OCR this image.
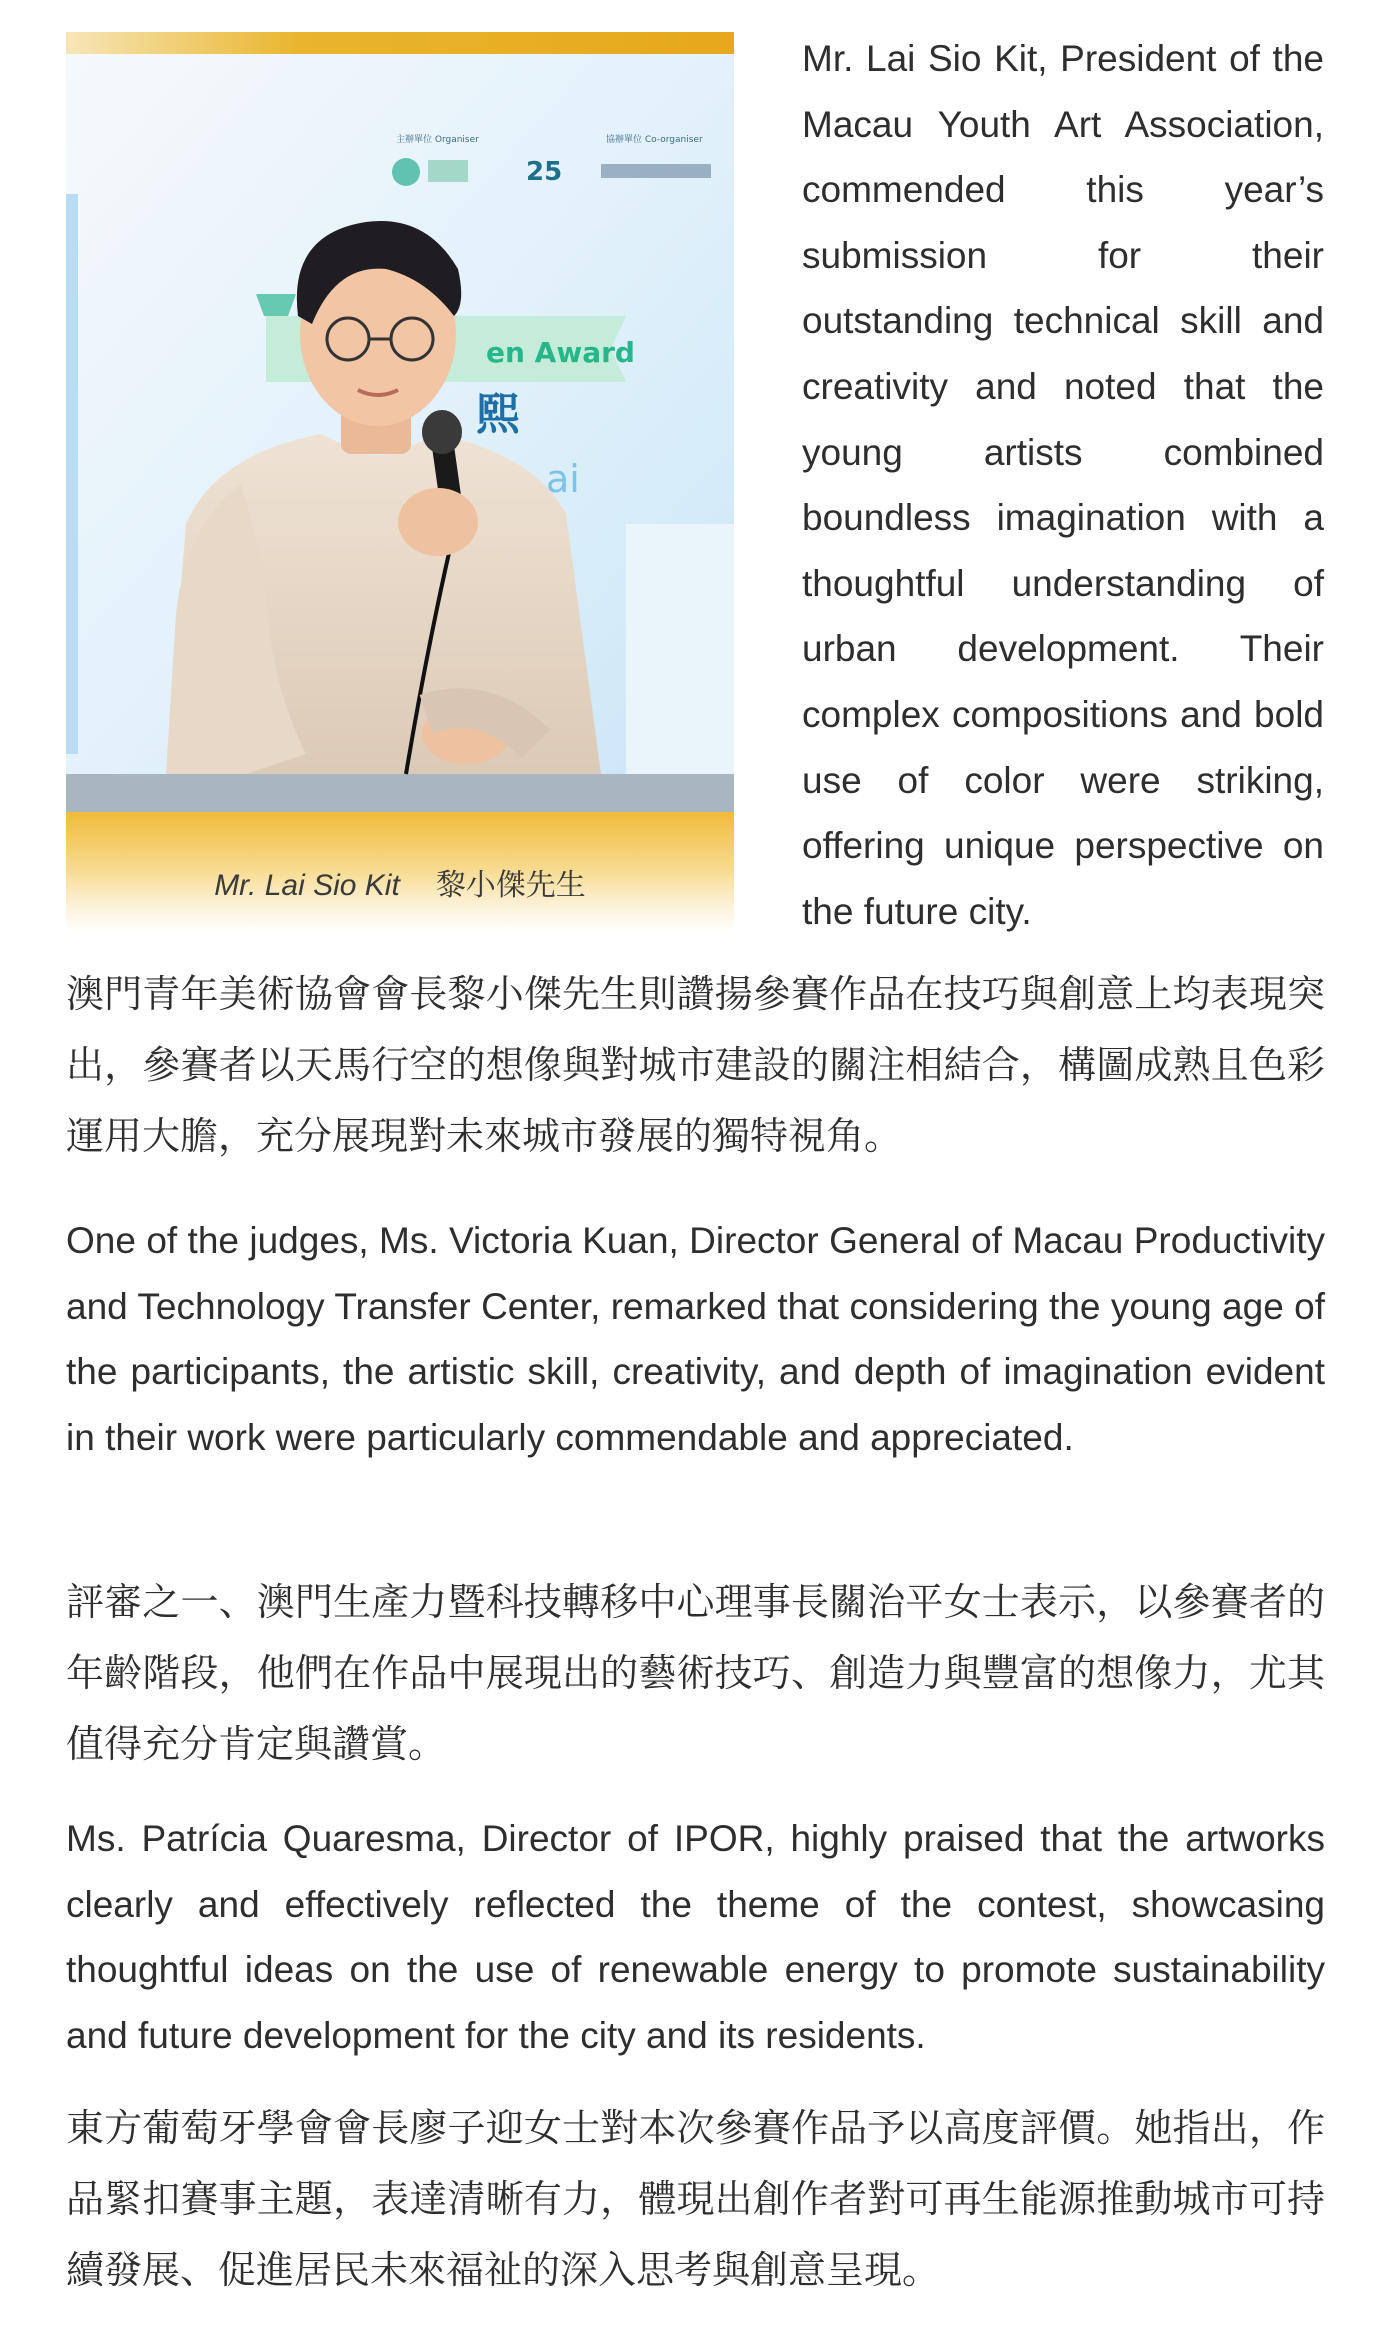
主辦單位 Organiser	協辦單位 Co-organiser
25
en Award
熙
ai
Mr. Lai Sio Kit 黎小傑先生
Mr. Lai Sio Kit, President of the Macau Youth Art Association, commended this year’s submission for their outstanding technical skill and creativity and noted that the young artists combined boundless imagination with a thoughtful understanding of urban development. Their complex compositions and bold use of color were striking, offering unique perspective on the future city.
澳門青年美術協會會長黎小傑先生則讚揚參賽作品在技巧與創意上均表現突出，參賽者以天馬行空的想像與對城市建設的關注相結合，構圖成熟且色彩運用大膽，充分展現對未來城市發展的獨特視角。
One of the judges, Ms. Victoria Kuan, Director General of Macau Productivity and Technology Transfer Center, remarked that considering the young age of the participants, the artistic skill, creativity, and depth of imagination evident in their work were particularly commendable and appreciated.
評審之一、澳門生產力暨科技轉移中心理事長關治平女士表示，以參賽者的年齡階段，他們在作品中展現出的藝術技巧、創造力與豐富的想像力，尤其值得充分肯定與讚賞。
Ms. Patrícia Quaresma, Director of IPOR, highly praised that the artworks clearly and effectively reflected the theme of the contest, showcasing thoughtful ideas on the use of renewable energy to promote sustainability and future development for the city and its residents.
東方葡萄牙學會會長廖子迎女士對本次參賽作品予以高度評價。她指出，作品緊扣賽事主題，表達清晰有力，體現出創作者對可再生能源推動城市可持續發展、促進居民未來福祉的深入思考與創意呈現。
